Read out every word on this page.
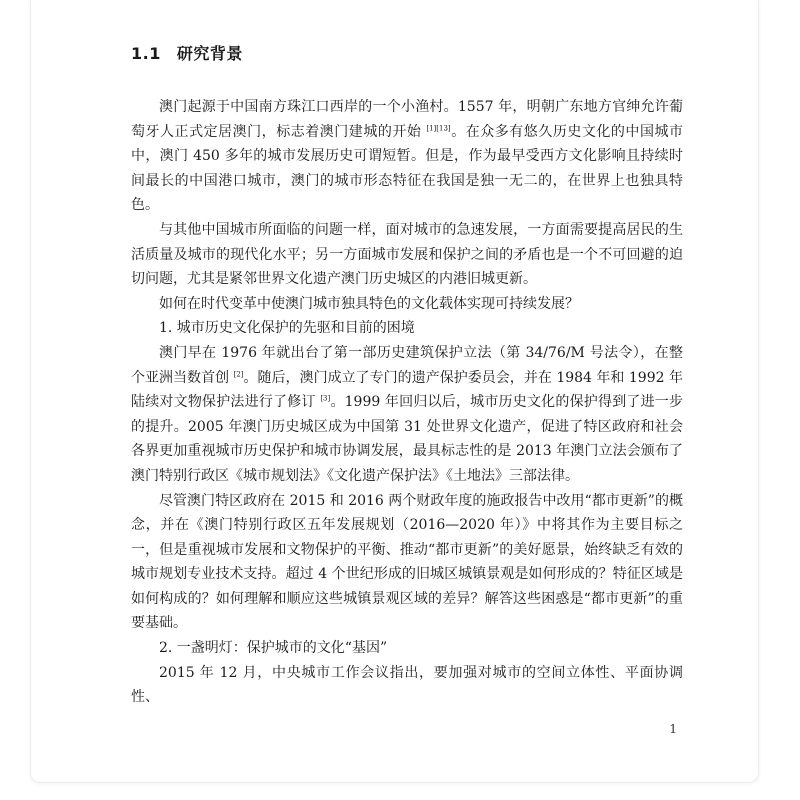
1.1 研究背景

澳门起源于中国南方珠江口西岸的一个小渔村。1557 年，明朝广东地方官绅允许葡萄牙人正式定居澳门，标志着澳门建城的开始 [1][13]。在众多有悠久历史文化的中国城市中，澳门 450 多年的城市发展历史可谓短暂。但是，作为最早受西方文化影响且持续时间最长的中国港口城市，澳门的城市形态特征在我国是独一无二的，在世界上也独具特色。

与其他中国城市所面临的问题一样，面对城市的急速发展，一方面需要提高居民的生活质量及城市的现代化水平；另一方面城市发展和保护之间的矛盾也是一个不可回避的迫切问题，尤其是紧邻世界文化遗产澳门历史城区的内港旧城更新。

如何在时代变革中使澳门城市独具特色的文化载体实现可持续发展？

1. 城市历史文化保护的先驱和目前的困境

澳门早在 1976 年就出台了第一部历史建筑保护立法（第 34/76/M 号法令），在整个亚洲当数首创 [2]。随后，澳门成立了专门的遗产保护委员会，并在 1984 年和 1992 年陆续对文物保护法进行了修订 [3]。1999 年回归以后，城市历史文化的保护得到了进一步的提升。2005 年澳门历史城区成为中国第 31 处世界文化遗产，促进了特区政府和社会各界更加重视城市历史保护和城市协调发展，最具标志性的是 2013 年澳门立法会颁布了澳门特别行政区《城市规划法》《文化遗产保护法》《土地法》三部法律。

尽管澳门特区政府在 2015 和 2016 两个财政年度的施政报告中改用“都市更新”的概念，并在《澳门特别行政区五年发展规划（2016—2020 年）》中将其作为主要目标之一，但是重视城市发展和文物保护的平衡、推动“都市更新”的美好愿景，始终缺乏有效的城市规划专业技术支持。超过 4 个世纪形成的旧城区城镇景观是如何形成的？特征区域是如何构成的？如何理解和顺应这些城镇景观区域的差异？解答这些困惑是“都市更新”的重要基础。

2. 一盏明灯：保护城市的文化“基因”

2015 年 12 月，中央城市工作会议指出，要加强对城市的空间立体性、平面协调性、

1
